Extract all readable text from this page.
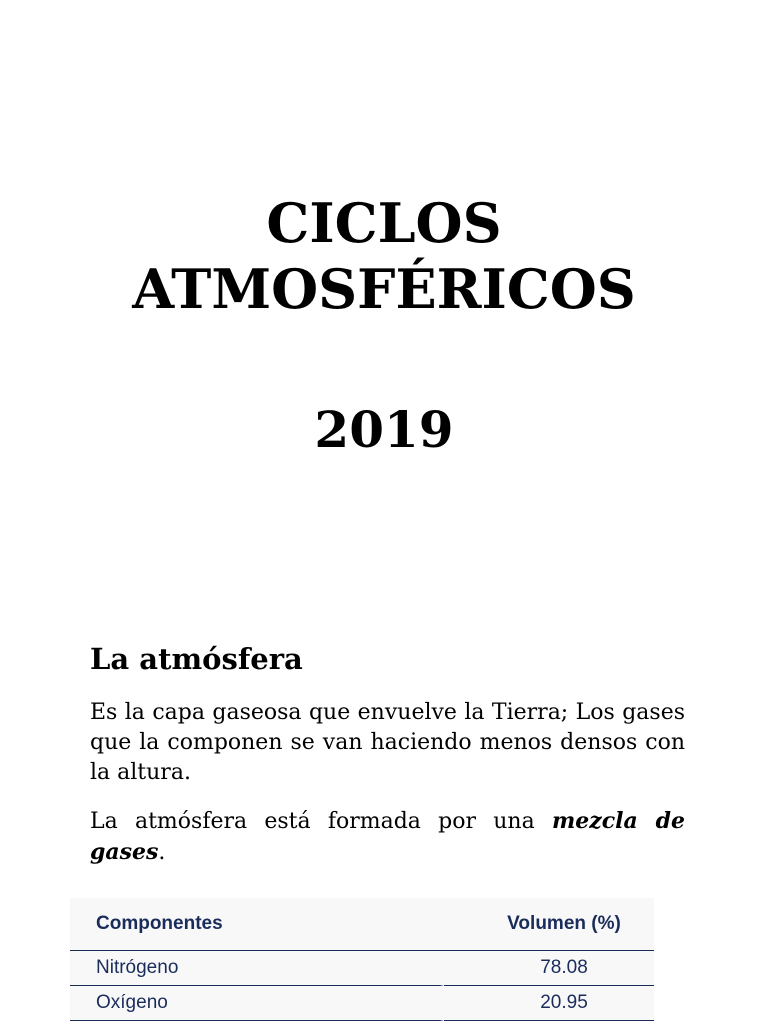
CICLOS
ATMOSFÉRICOS
2019
La atmósfera

Es la capa gaseosa que envuelve la Tierra; Los gases que la componen se van haciendo menos densos con la altura.

La atmósfera está formada por una mezcla de gases.

Componentes	Volumen (%)
Nitrógeno	78.08
Oxígeno	20.95
